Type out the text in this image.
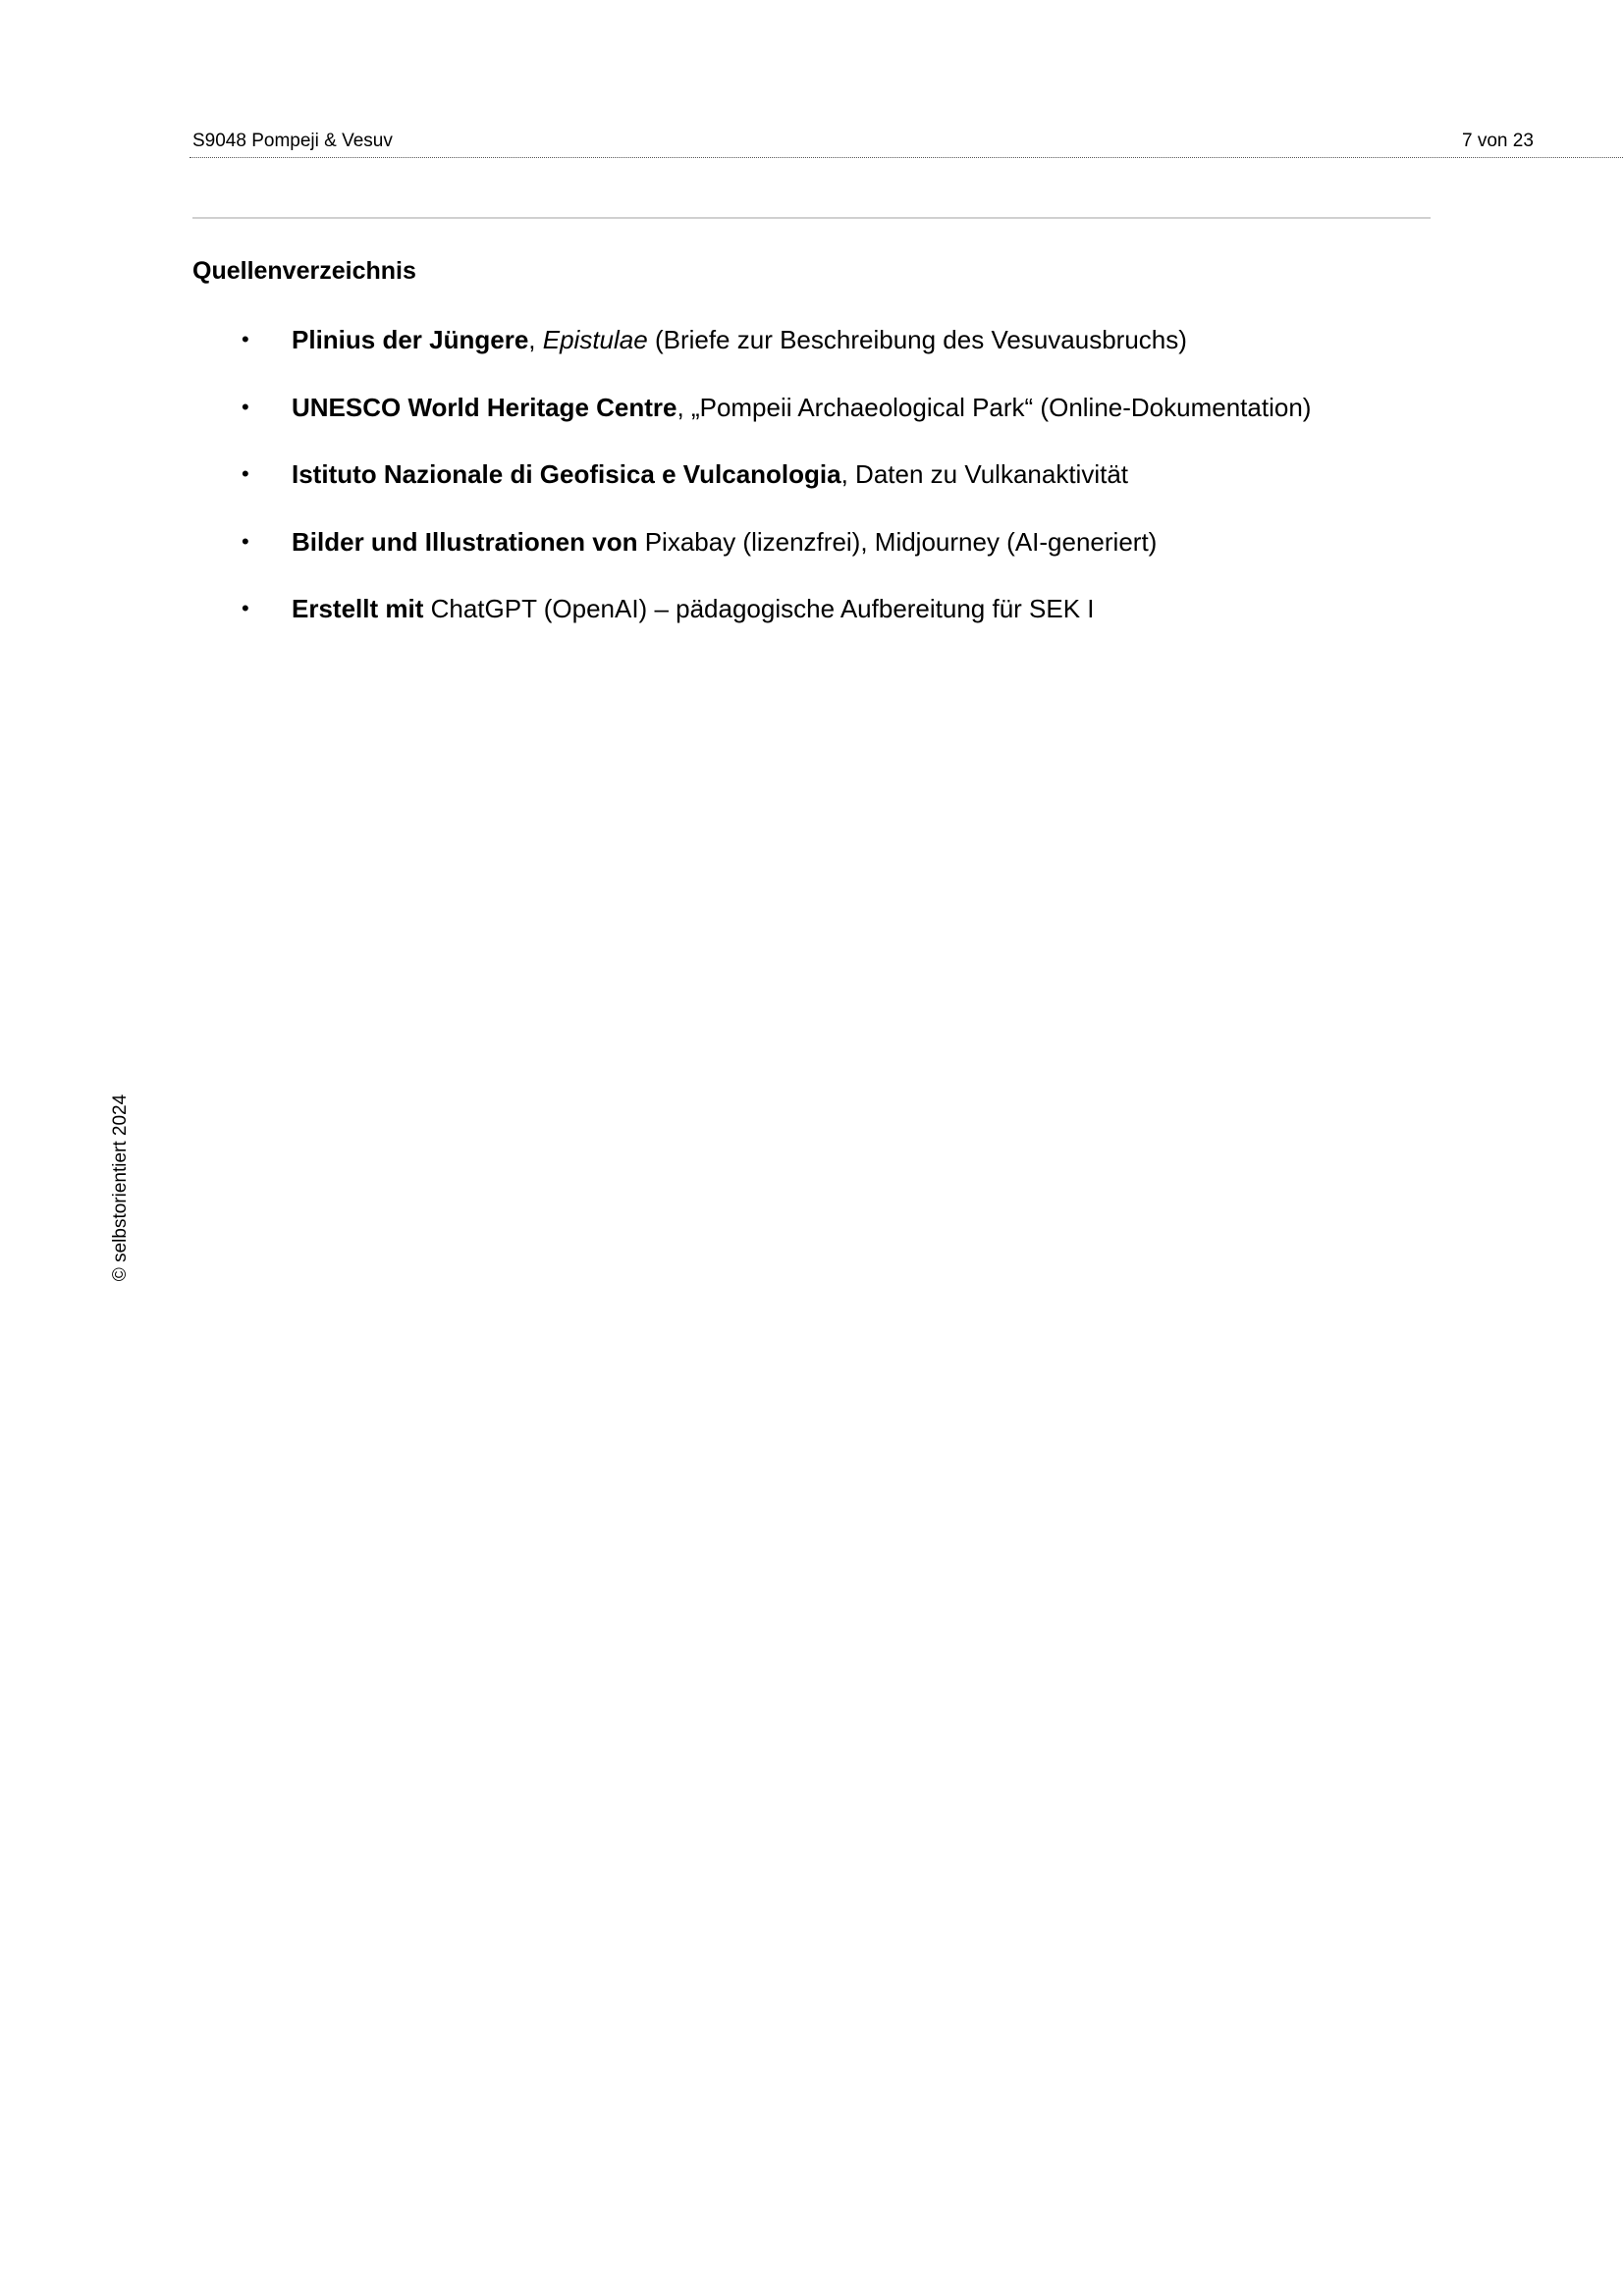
S9048 Pompeji & Vesuv	7 von 23
Quellenverzeichnis
• Plinius der Jüngere, Epistulae (Briefe zur Beschreibung des Vesuvausbruchs)
• UNESCO World Heritage Centre, „Pompeii Archaeological Park“ (Online-Dokumentation)
• Istituto Nazionale di Geofisica e Vulcanologia, Daten zu Vulkanaktivität
• Bilder und Illustrationen von Pixabay (lizenzfrei), Midjourney (AI-generiert)
• Erstellt mit ChatGPT (OpenAI) – pädagogische Aufbereitung für SEK I
© selbstorientiert 2024
